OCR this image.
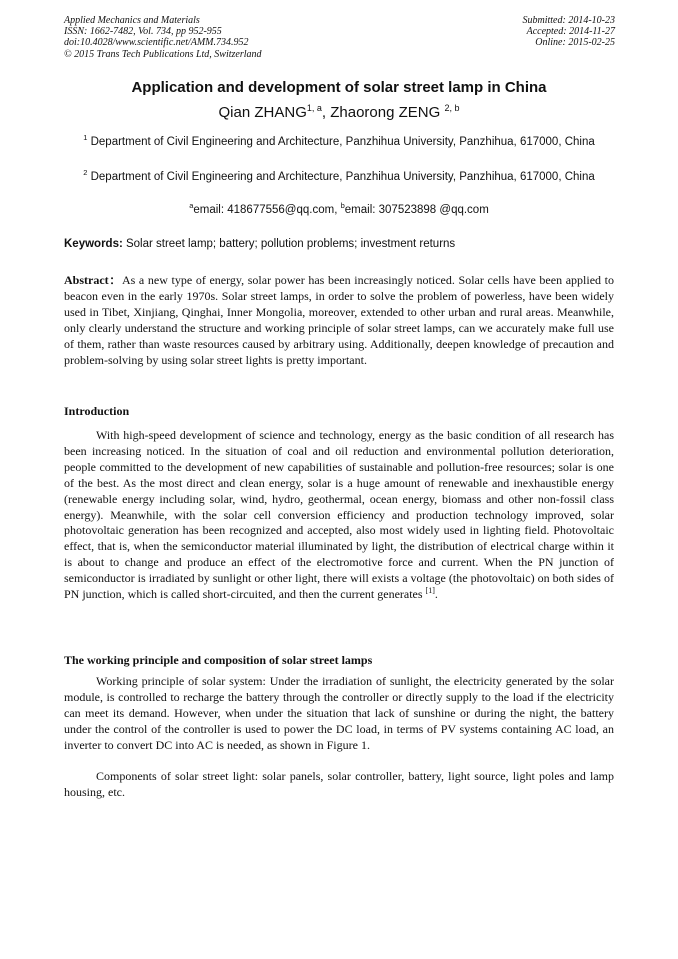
Applied Mechanics and Materials
ISSN: 1662-7482, Vol. 734, pp 952-955
doi:10.4028/www.scientific.net/AMM.734.952
© 2015 Trans Tech Publications Ltd, Switzerland
Submitted: 2014-10-23
Accepted: 2014-11-27
Online: 2015-02-25
Application and development of solar street lamp in China
Qian ZHANG$^{1, a}$, Zhaorong ZENG $^{2, b}$
$^1$ Department of Civil Engineering and Architecture, Panzhihua University, Panzhihua, 617000, China
$^2$ Department of Civil Engineering and Architecture, Panzhihua University, Panzhihua, 617000, China
$^a$email: 418677556@qq.com, $^b$email: 307523898 @qq.com
Keywords: Solar street lamp; battery; pollution problems; investment returns
Abstract：As a new type of energy, solar power has been increasingly noticed. Solar cells have been applied to beacon even in the early 1970s. Solar street lamps, in order to solve the problem of powerless, have been widely used in Tibet, Xinjiang, Qinghai, Inner Mongolia, moreover, extended to other urban and rural areas. Meanwhile, only clearly understand the structure and working principle of solar street lamps, can we accurately make full use of them, rather than waste resources caused by arbitrary using. Additionally, deepen knowledge of precaution and problem-solving by using solar street lights is pretty important.
Introduction
With high-speed development of science and technology, energy as the basic condition of all research has been increasing noticed. In the situation of coal and oil reduction and environmental pollution deterioration, people committed to the development of new capabilities of sustainable and pollution-free resources; solar is one of the best. As the most direct and clean energy, solar is a huge amount of renewable and inexhaustible energy (renewable energy including solar, wind, hydro, geothermal, ocean energy, biomass and other non-fossil class energy). Meanwhile, with the solar cell conversion efficiency and production technology improved, solar photovoltaic generation has been recognized and accepted, also most widely used in lighting field. Photovoltaic effect, that is, when the semiconductor material illuminated by light, the distribution of electrical charge within it is about to change and produce an effect of the electromotive force and current. When the PN junction of semiconductor is irradiated by sunlight or other light, there will exists a voltage (the photovoltaic) on both sides of PN junction, which is called short-circuited, and then the current generates [1].
The working principle and composition of solar street lamps
Working principle of solar system: Under the irradiation of sunlight, the electricity generated by the solar module, is controlled to recharge the battery through the controller or directly supply to the load if the electricity can meet its demand. However, when under the situation that lack of sunshine or during the night, the battery under the control of the controller is used to power the DC load, in terms of PV systems containing AC load, an inverter to convert DC into AC is needed, as shown in Figure 1.
Components of solar street light: solar panels, solar controller, battery, light source, light poles and lamp housing, etc.
